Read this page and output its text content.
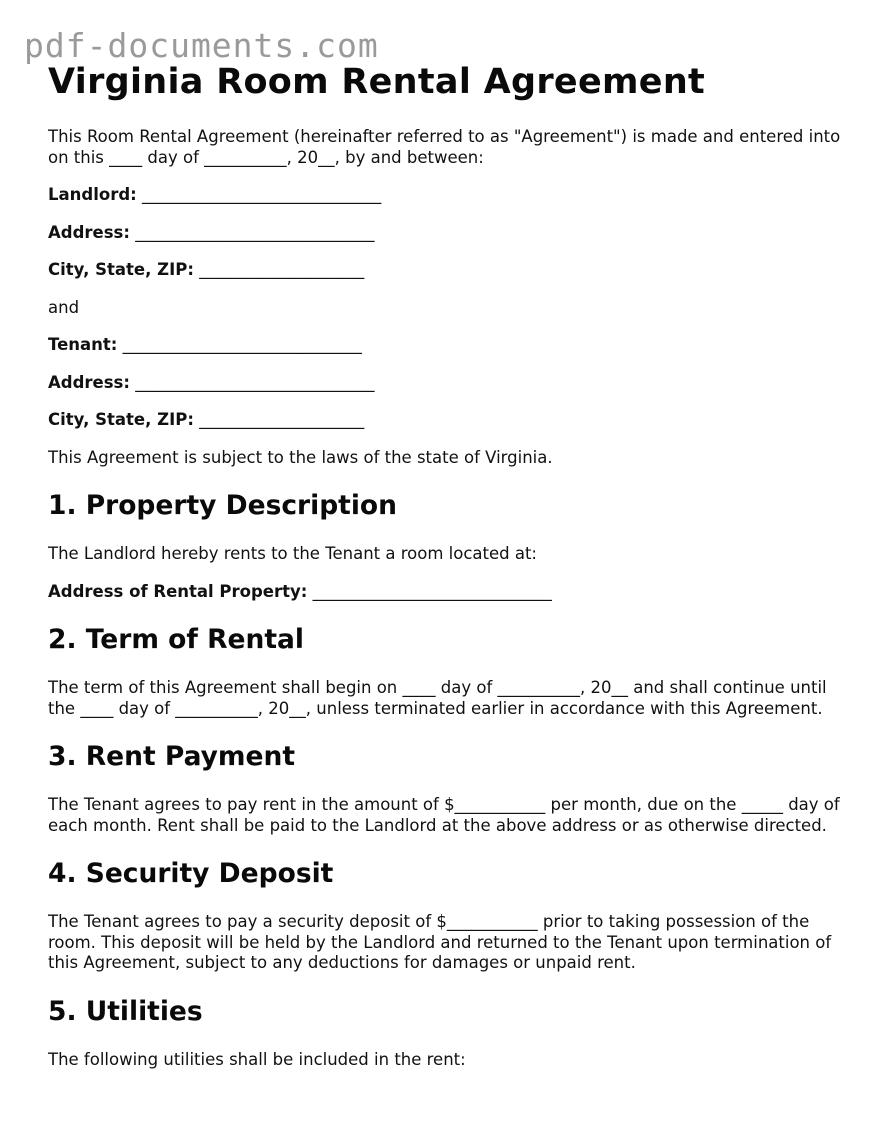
pdf-documents.com
Virginia Room Rental Agreement

This Room Rental Agreement (hereinafter referred to as "Agreement") is made and entered into on this ____ day of __________, 20__, by and between:

Landlord: _____________________________
Address: _____________________________
City, State, ZIP: ____________________

and

Tenant: _____________________________
Address: _____________________________
City, State, ZIP: ____________________

This Agreement is subject to the laws of the state of Virginia.

1. Property Description

The Landlord hereby rents to the Tenant a room located at:

Address of Rental Property: _____________________________
2. Term of Rental

The term of this Agreement shall begin on ____ day of __________, 20__ and shall continue until the ____ day of __________, 20__, unless terminated earlier in accordance with this Agreement.

3. Rent Payment

The Tenant agrees to pay rent in the amount of $___________ per month, due on the _____ day of each month. Rent shall be paid to the Landlord at the above address or as otherwise directed.

4. Security Deposit

The Tenant agrees to pay a security deposit of $___________ prior to taking possession of the room. This deposit will be held by the Landlord and returned to the Tenant upon termination of this Agreement, subject to any deductions for damages or unpaid rent.

5. Utilities

The following utilities shall be included in the rent:
